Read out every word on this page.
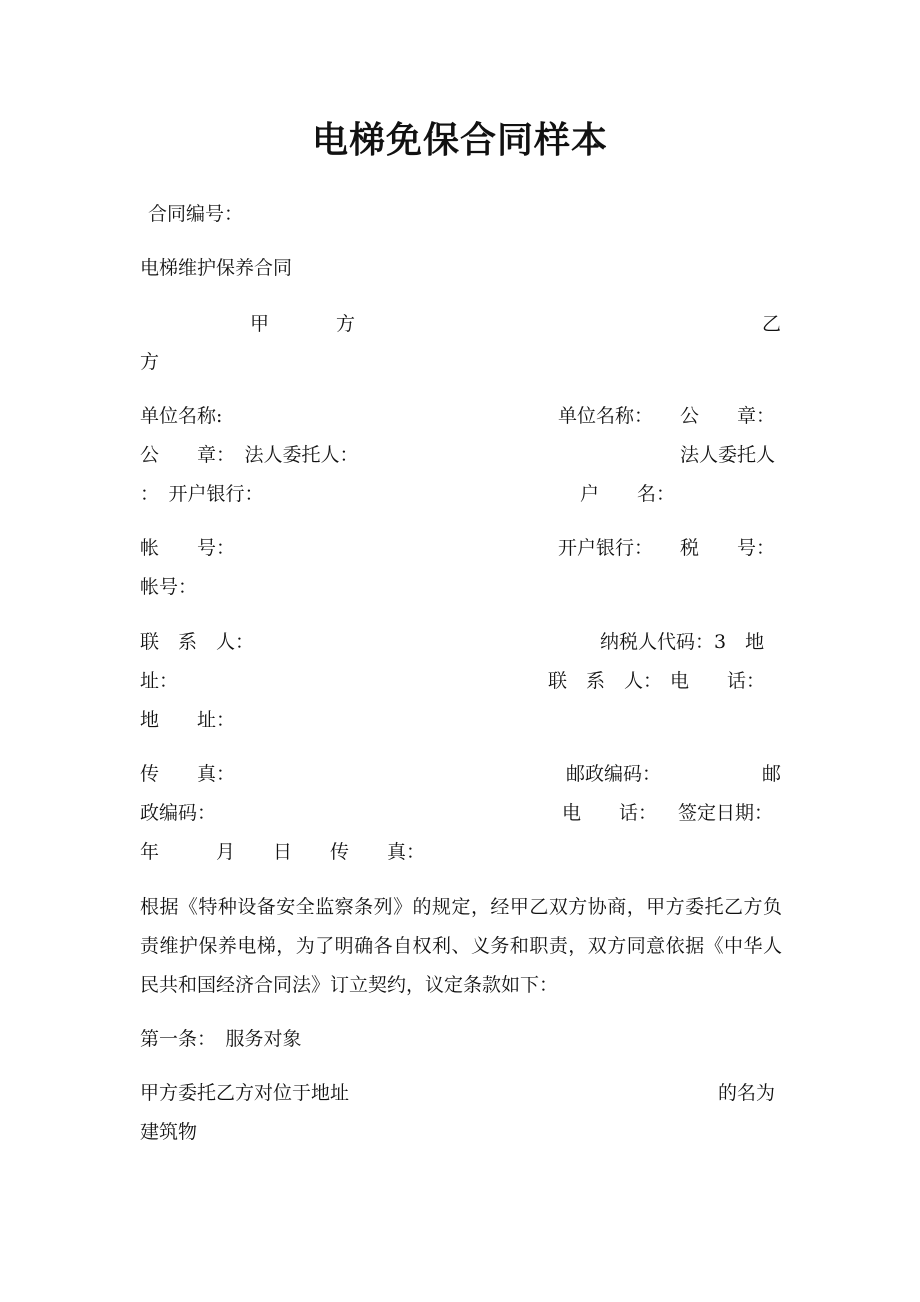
电梯免保合同样本
合同编号：
电梯维护保养合同
甲	方	乙
方
单位名称:	单位名称： 公　　章：
公　　章：　法人委托人：	法人委托人
：　开户银行：	户　　名：
帐　　号：	开户银行： 税　　号：
帐号：
联　系　人：	纳税人代码：3　地
址：	联　系　人： 电　　话：
地　　址：
传　　真：	邮政编码：	邮
政编码：	电　　话： 签定日期：
年　　　月　　日　　传　　真：
根据《特种设备安全监察条列》的规定，经甲乙双方协商，甲方委托乙方负责维护保养电梯，为了明确各自权利、义务和职责，双方同意依据《中华人民共和国经济合同法》订立契约，议定条款如下：
第一条：　服务对象
甲方委托乙方对位于地址	的名为
建筑物
